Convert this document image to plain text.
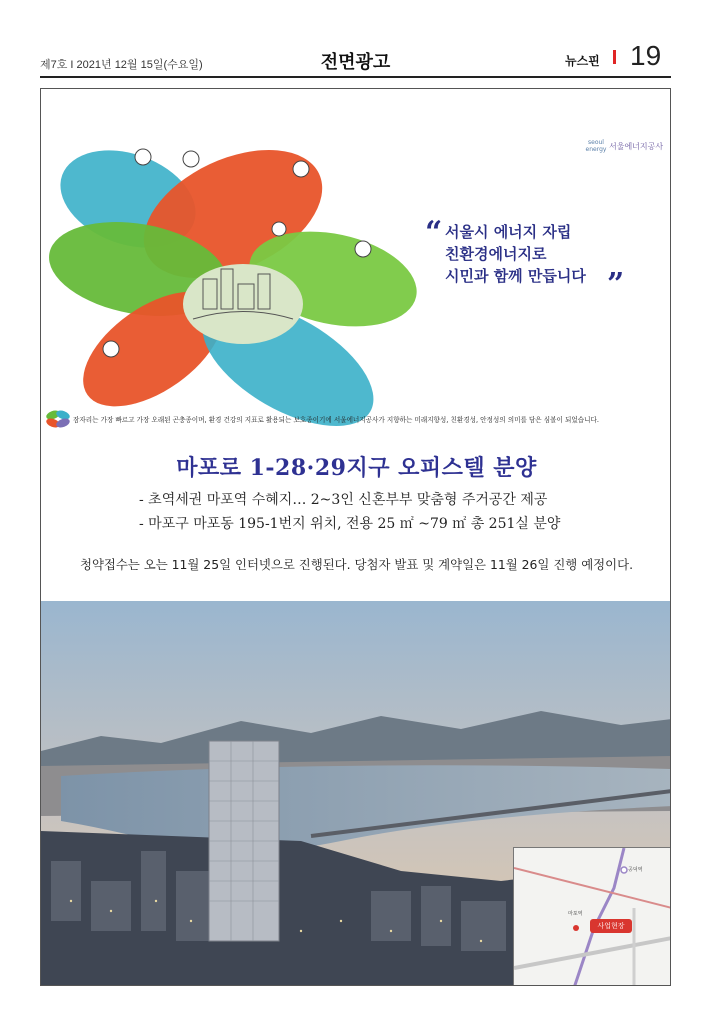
제7호 I 2021년 12월 15일(수요일)	전면광고	뉴스핀 19
seoul energy 서울에너지공사
“ 서울시 에너지 자립
친환경에너지로
시민과 함께 만듭니다 ”
잠자리는 가장 빠르고 가장 오래된 곤충종이며, 환경 건강의 지표로 활용되는 보호종이기에 서울에너지공사가 지향하는 미래지향성, 친환경성, 안정성의 의미를 담은 심볼이 되었습니다.
마포로 1-28·29지구 오피스텔 분양
- 초역세권 마포역 수혜지… 2~3인 신혼부부 맞춤형 주거공간 제공
- 마포구 마포동 195-1번지 위치, 전용 25 ㎡ ~79 ㎡ 총 251실 분양
청약접수는 오는 11월 25일 인터넷으로 진행된다. 당첨자 발표 및 계약일은 11월 26일 진행 예정이다.
공덕역
마포역
사업현장
